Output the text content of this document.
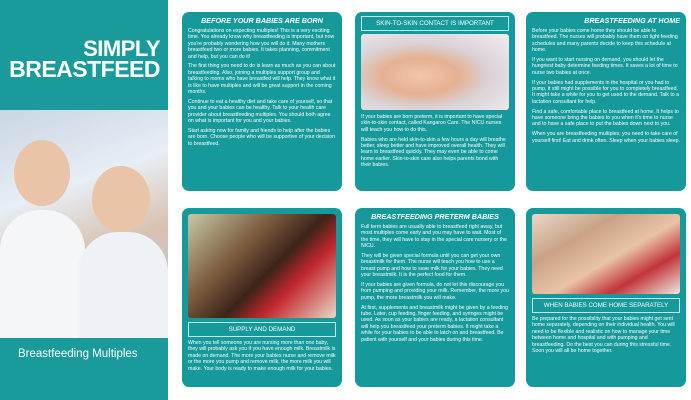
SIMPLY
BREASTFEED
Breastfeeding Multiples
BEFORE YOUR BABIES ARE BORN

Congratulations on expecting multiples! This is a very exciting time. You already know why breastfeeding is important, but now you're probably wondering how you will do it. Many mothers breastfeed two or more babies. It takes planning, commitment and help, but you can do it!

The first thing you need to do is learn as much as you can about breastfeeding. Also, joining a multiples support group and talking to moms who have breastfed will help. They know what it is like to have multiples and will be great support in the coming months.

Continue to eat a healthy diet and take care of yourself, so that you and your babies can be healthy. Talk to your health care provider about breastfeeding multiples. You should both agree on what is important for you and your babies.

Start asking now for family and friends to help after the babies are born. Choose people who will be supportive of your decision to breastfeed.

SKIN-TO-SKIN CONTACT IS IMPORTANT

If your babies are born preterm, it is important to have special skin-to-skin contact, called Kangaroo Care. The NICU nurses will teach you how to do this.

Babies who are held skin-to-skin a few hours a day will breathe better, sleep better and have improved overall health. They will learn to breastfeed quickly. They may even be able to come home earlier. Skin-to-skin care also helps parents bond with their babies.

BREASTFEEDING AT HOME

Before your babies come home they should be able to breastfeed. The nurses will probably have them on tight feeding schedules and many parents decide to keep this schedule at home.

If you want to start nursing on demand, you should let the hungriest baby determine feeding times. It saves a lot of time to nurse two babies at once.

If your babies had supplements in the hospital or you had to pump, it still might be possible for you to completely breastfeed. It might take a while for you to get used to the demand. Talk to a lactation consultant for help.

Find a safe, comfortable place to breastfeed at home. It helps to have someone bring the babies to you when it's time to nurse and to have a safe place to put the babies down next to you.

When you are breastfeeding multiples, you need to take care of yourself first! Eat and drink often. Sleep when your babies sleep.

SUPPLY AND DEMAND

When you tell someone you are nursing more than one baby, they will probably ask you if you have enough milk. Breastmilk is made on demand. The more your babies nurse and remove milk or the more you pump and remove milk, the more milk you will make. Your body is ready to make enough milk for your babies.

BREASTFEEDING PRETERM BABIES

Full term babies are usually able to breastfeed right away, but most multiples come early and you may have to wait. Most of the time, they will have to stay in the special care nursery or the NICU.

They will be given special formula until you can get your own breastmilk for them. The nurse will teach you how to use a breast pump and how to save milk for your babies. They need your breastmilk. It is the perfect food for them.

If your babies are given formula, do not let this discourage you from pumping and providing your milk. Remember, the more you pump, the more breastmilk you will make.

At first, supplements and breastmilk might be given by a feeding tube. Later, cup feeding, finger feeding, and syringes might be used. As soon as your babies are ready, a lactation consultant will help you breastfeed your preterm babies. It might take a while for your babies to be able to latch on and breastfeed. Be patient with yourself and your babies during this time.

WHEN BABIES COME HOME SEPARATELY

Be prepared for the possibility that your babies might get sent home separately, depending on their individual health. You will need to be flexible and realistic on how to manage your time between home and hospital and with pumping and breastfeeding. Do the best you can during this stressful time. Soon you will all be home together.
